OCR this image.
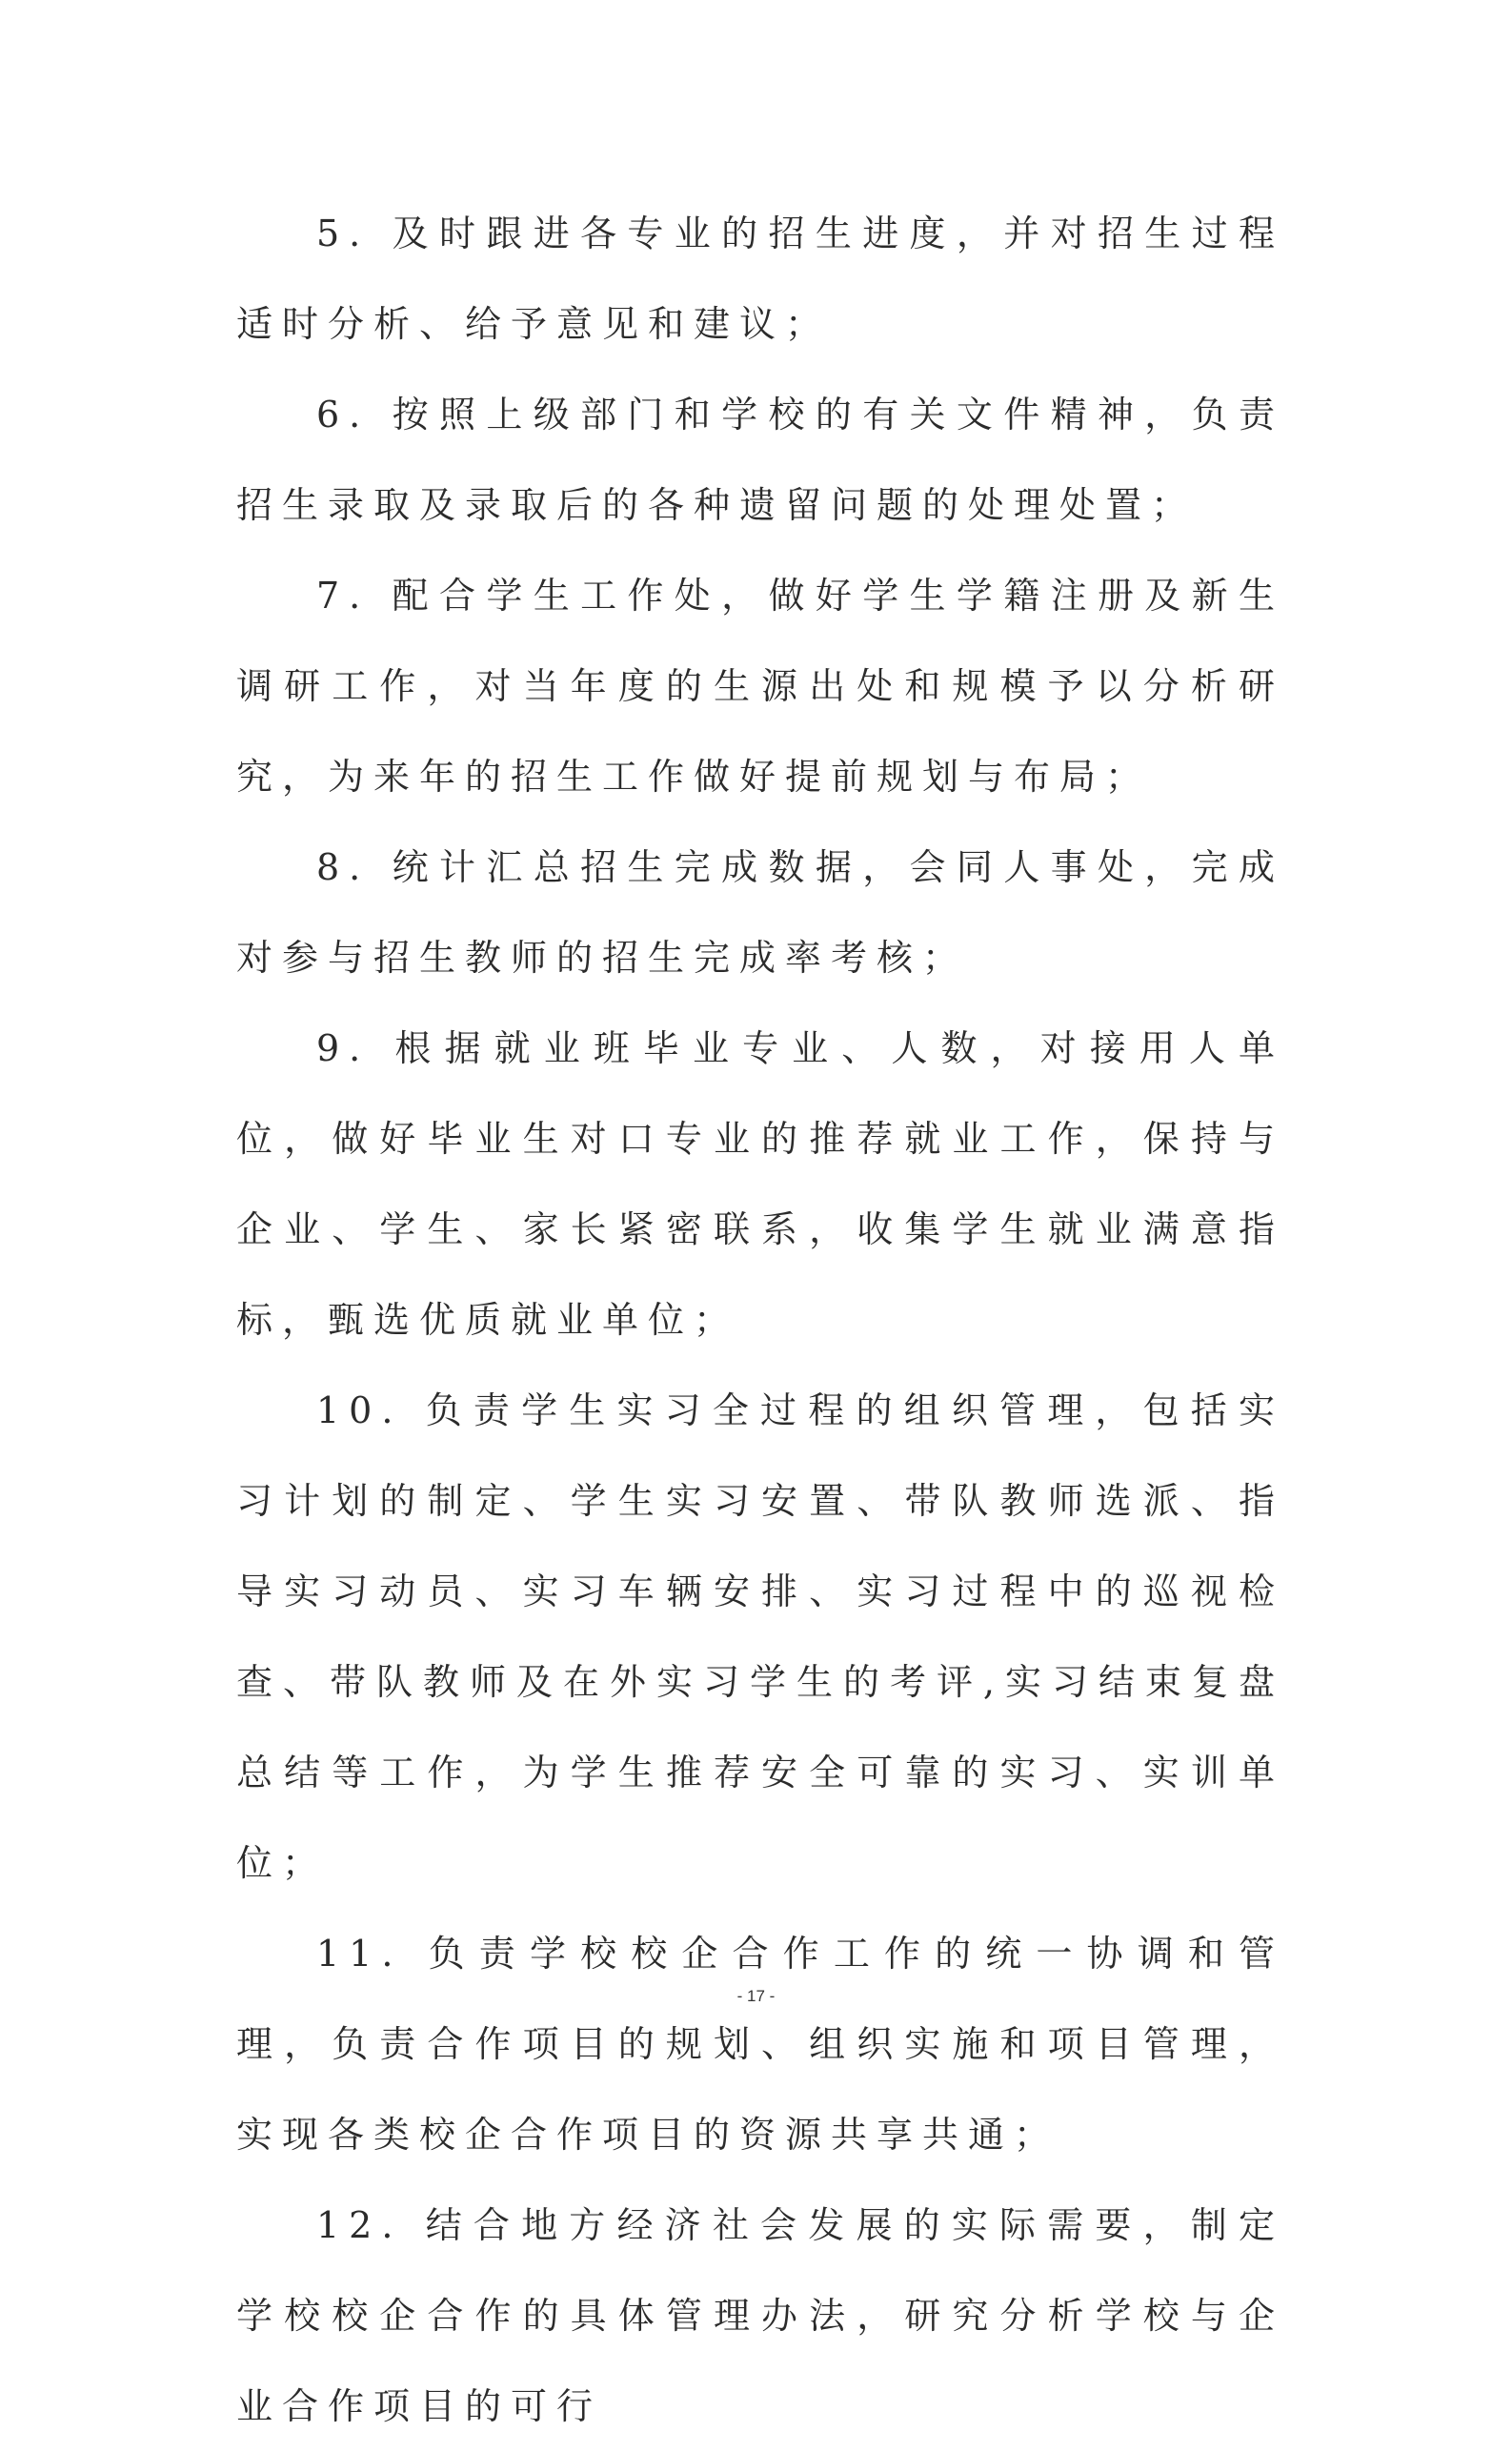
5. 及时跟进各专业的招生进度，并对招生过程适时分析、给予意见和建议；

6. 按照上级部门和学校的有关文件精神，负责招生录取及录取后的各种遗留问题的处理处置；

7. 配合学生工作处，做好学生学籍注册及新生调研工作，对当年度的生源出处和规模予以分析研究，为来年的招生工作做好提前规划与布局；

8. 统计汇总招生完成数据，会同人事处，完成对参与招生教师的招生完成率考核；

9. 根据就业班毕业专业、人数，对接用人单位，做好毕业生对口专业的推荐就业工作，保持与企业、学生、家长紧密联系，收集学生就业满意指标，甄选优质就业单位；

10. 负责学生实习全过程的组织管理，包括实习计划的制定、学生实习安置、带队教师选派、指导实习动员、实习车辆安排、实习过程中的巡视检查、带队教师及在外实习学生的考评,实习结束复盘总结等工作，为学生推荐安全可靠的实习、实训单位；

11. 负责学校校企合作工作的统一协调和管理，负责合作项目的规划、组织实施和项目管理，实现各类校企合作项目的资源共享共通；

12. 结合地方经济社会发展的实际需要，制定学校校企合作的具体管理办法，研究分析学校与企业合作项目的可行

- 17 -
